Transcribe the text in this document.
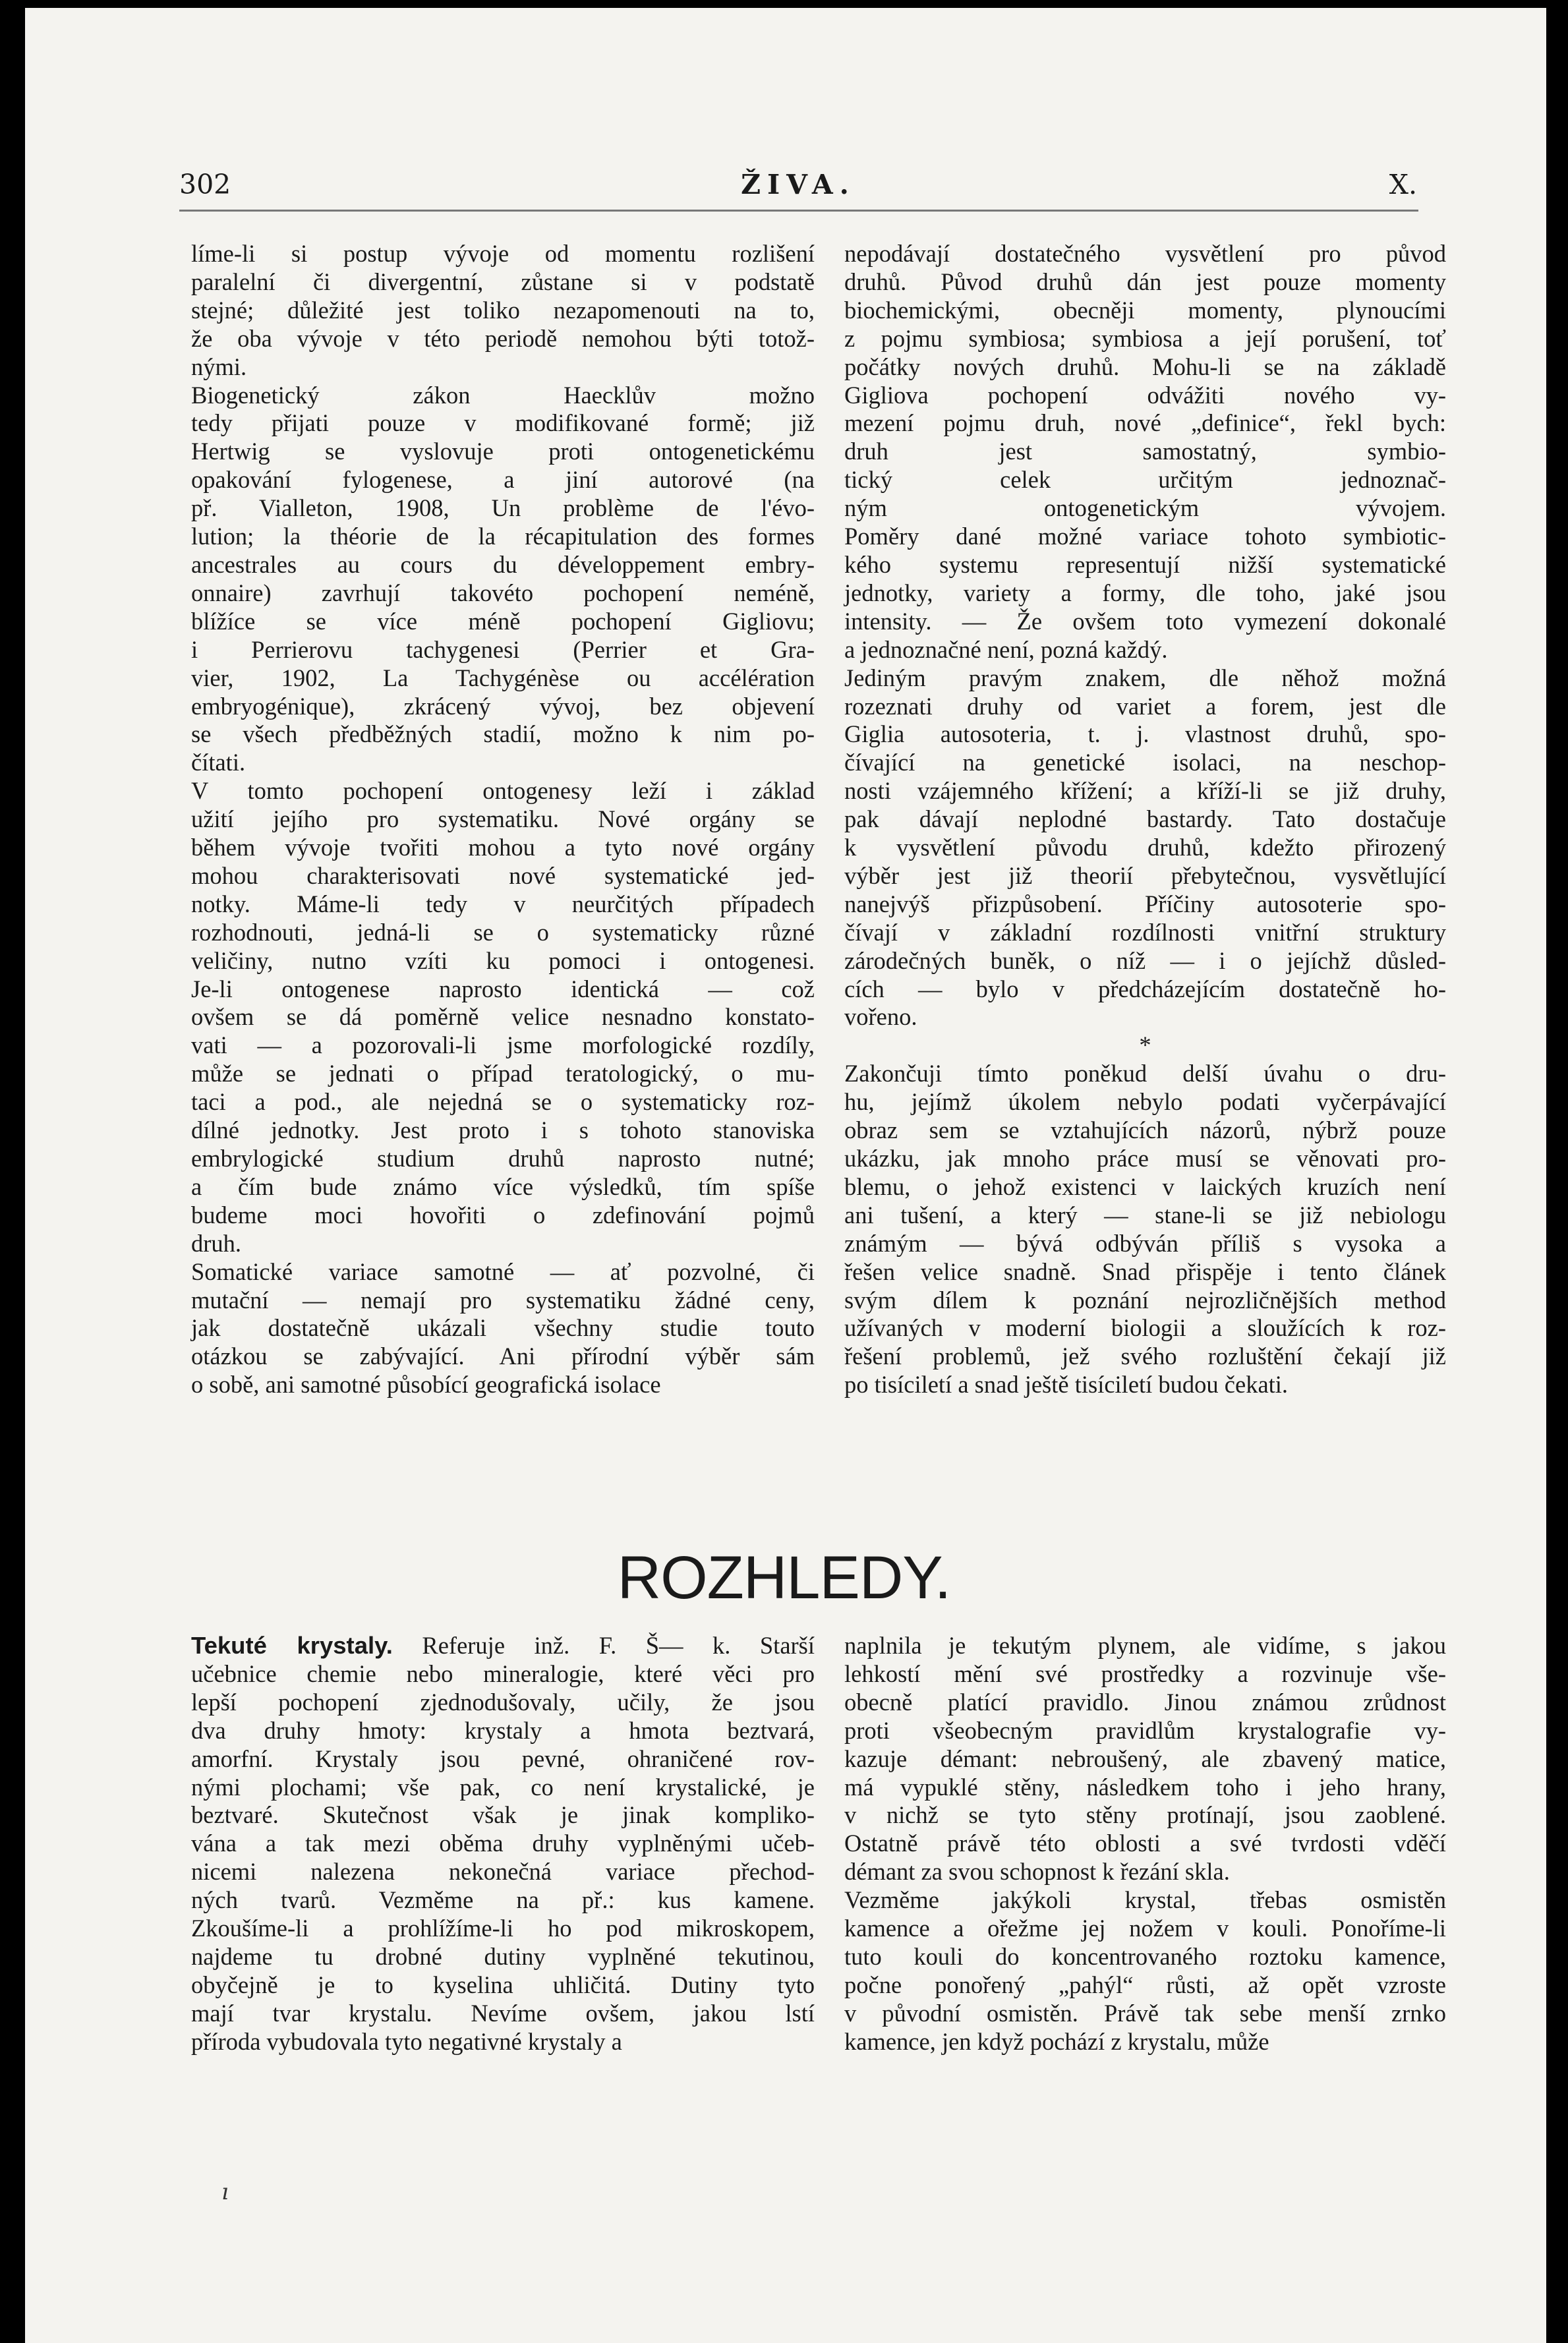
302	ŽIVA.	X.
líme-li si postup vývoje od momentu rozlišení
paralelní či divergentní, zůstane si v podstatě
stejné; důležité jest toliko nezapomenouti na to,
že oba vývoje v této periodě nemohou býti totož-
nými.
Biogenetický zákon Haecklův možno
tedy přijati pouze v modifikované formě; již
Hertwig se vyslovuje proti ontogenetickému
opakování fylogenese, a jiní autorové (na
př. Vialleton, 1908, Un problème de l'évo-
lution; la théorie de la récapitulation des formes
ancestrales au cours du développement embry-
onnaire) zavrhují takovéto pochopení neméně,
blížíce se více méně pochopení Gigliovu;
i Perrierovu tachygenesi (Perrier et Gra-
vier, 1902, La Tachygénèse ou accélération
embryogénique), zkrácený vývoj, bez objevení
se všech předběžných stadií, možno k nim po-
čítati.
V tomto pochopení ontogenesy leží i základ
užití jejího pro systematiku. Nové orgány se
během vývoje tvořiti mohou a tyto nové orgány
mohou charakterisovati nové systematické jed-
notky. Máme-li tedy v neurčitých případech
rozhodnouti, jedná-li se o systematicky různé
veličiny, nutno vzíti ku pomoci i ontogenesi.
Je-li ontogenese naprosto identická — což
ovšem se dá poměrně velice nesnadno konstato-
vati — a pozorovali-li jsme morfologické rozdíly,
může se jednati o případ teratologický, o mu-
taci a pod., ale nejedná se o systematicky roz-
dílné jednotky. Jest proto i s tohoto stanoviska
embrylogické studium druhů naprosto nutné;
a čím bude známo více výsledků, tím spíše
budeme moci hovořiti o zdefinování pojmů
druh.
Somatické variace samotné — ať pozvolné, či
mutační — nemají pro systematiku žádné ceny,
jak dostatečně ukázali všechny studie touto
otázkou se zabývající. Ani přírodní výběr sám
o sobě, ani samotné působící geografická isolace
nepodávají dostatečného vysvětlení pro původ
druhů. Původ druhů dán jest pouze momenty
biochemickými, obecněji momenty, plynoucími
z pojmu symbiosa; symbiosa a její porušení, toť
počátky nových druhů. Mohu-li se na základě
Gigliova pochopení odvážiti nového vy-
mezení pojmu druh, nové „definice“, řekl bych:
druh jest samostatný, symbio-
tický celek určitým jednoznač-
ným ontogenetickým vývojem.
Poměry dané možné variace tohoto symbiotic-
kého systemu representují nižší systematické
jednotky, variety a formy, dle toho, jaké jsou
intensity. — Že ovšem toto vymezení dokonalé
a jednoznačné není, pozná každý.
Jediným pravým znakem, dle něhož možná
rozeznati druhy od variet a forem, jest dle
Giglia autosoteria, t. j. vlastnost druhů, spo-
čívající na genetické isolaci, na neschop-
nosti vzájemného křížení; a kříží-li se již druhy,
pak dávají neplodné bastardy. Tato dostačuje
k vysvětlení původu druhů, kdežto přirozený
výběr jest již theorií přebytečnou, vysvětlující
nanejvýš přizpůsobení. Příčiny autosoterie spo-
čívají v základní rozdílnosti vnitřní struktury
zárodečných buněk, o níž — i o jejíchž důsled-
cích — bylo v předcházejícím dostatečně ho-
vořeno.
*
Zakončuji tímto poněkud delší úvahu o dru-
hu, jejímž úkolem nebylo podati vyčerpávající
obraz sem se vztahujících názorů, nýbrž pouze
ukázku, jak mnoho práce musí se věnovati pro-
blemu, o jehož existenci v laických kruzích není
ani tušení, a který — stane-li se již nebiologu
známým — bývá odbýván příliš s vysoka a
řešen velice snadně. Snad přispěje i tento článek
svým dílem k poznání nejrozličnějších method
užívaných v moderní biologii a sloužících k roz-
řešení problemů, jež svého rozluštění čekají již
po tisíciletí a snad ještě tisíciletí budou čekati.
ROZHLEDY.
Tekuté krystaly. Referuje inž. F. Š— k. Starší
učebnice chemie nebo mineralogie, které věci pro
lepší pochopení zjednodušovaly, učily, že jsou
dva druhy hmoty: krystaly a hmota beztvará,
amorfní. Krystaly jsou pevné, ohraničené rov-
nými plochami; vše pak, co není krystalické, je
beztvaré. Skutečnost však je jinak kompliko-
vána a tak mezi oběma druhy vyplněnými učeb-
nicemi nalezena nekonečná variace přechod-
ných tvarů. Vezměme na př.: kus kamene.
Zkoušíme-li a prohlížíme-li ho pod mikroskopem,
najdeme tu drobné dutiny vyplněné tekutinou,
obyčejně je to kyselina uhličitá. Dutiny tyto
mají tvar krystalu. Nevíme ovšem, jakou lstí
příroda vybudovala tyto negativné krystaly a
naplnila je tekutým plynem, ale vidíme, s jakou
lehkostí mění své prostředky a rozvinuje vše-
obecně platící pravidlo. Jinou známou zrůdnost
proti všeobecným pravidlům krystalografie vy-
kazuje démant: nebroušený, ale zbavený matice,
má vypuklé stěny, následkem toho i jeho hrany,
v nichž se tyto stěny protínají, jsou zaoblené.
Ostatně právě této oblosti a své tvrdosti vděčí
démant za svou schopnost k řezání skla.
Vezměme jakýkoli krystal, třebas osmistěn
kamence a ořežme jej nožem v kouli. Ponoříme-li
tuto kouli do koncentrovaného roztoku kamence,
počne ponořený „pahýl“ růsti, až opět vzroste
v původní osmistěn. Právě tak sebe menší zrnko
kamence, jen když pochází z krystalu, může
ı
